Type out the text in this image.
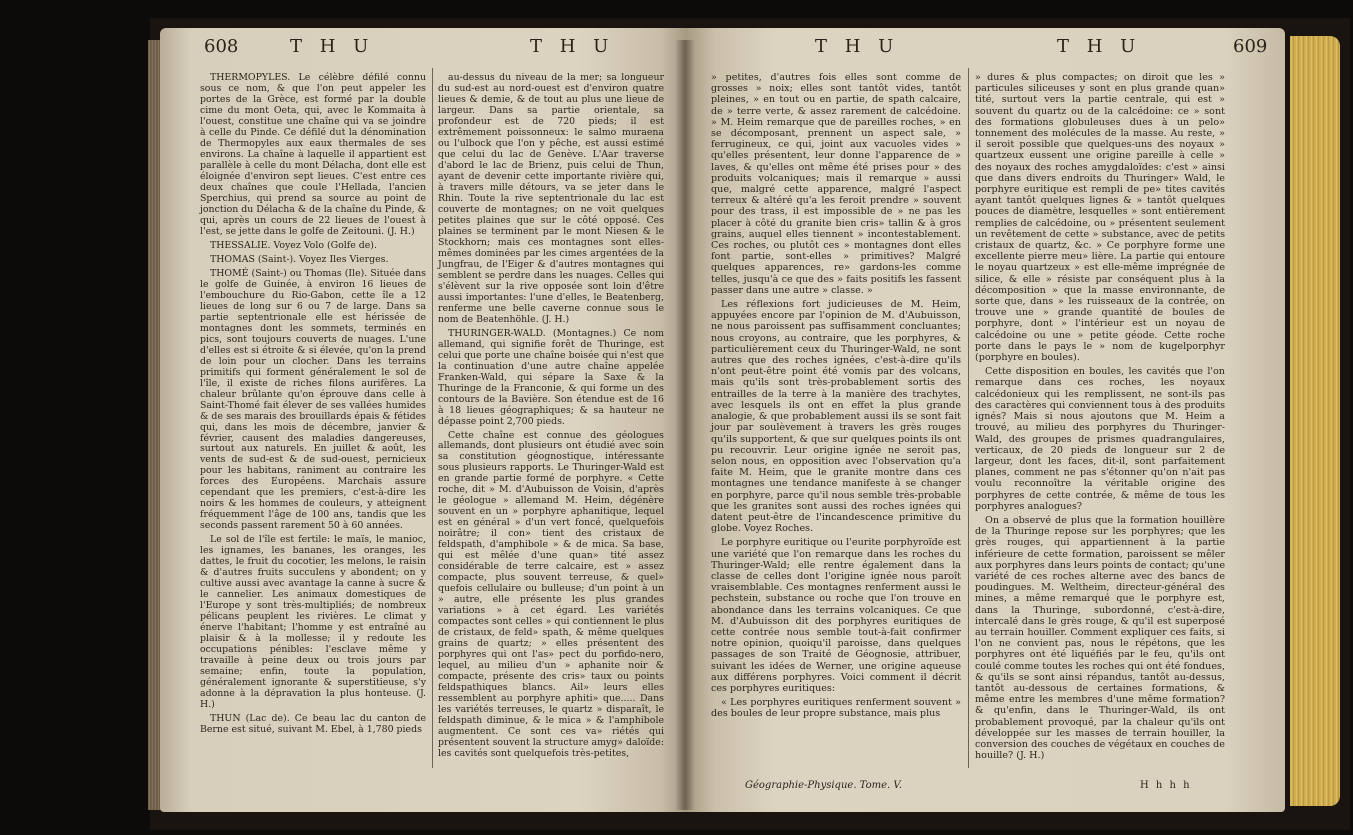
608	T H U	T H U

THERMOPYLES. Le célèbre défilé connu sous ce nom, & que l'on peut appeler les portes de la Grèce, est formé par la double cime du mont Oeta, qui, avec le Kommaita à l'ouest, constitue une chaîne qui va se joindre à celle du Pinde. Ce défilé dut la dénomination de Thermopyles aux eaux thermales de ses environs. La chaîne à laquelle il appartient est parallèle à celle du mont Délacha, dont elle est éloignée d'environ sept lieues. C'est entre ces deux chaînes que coule l'Hellada, l'ancien Sperchius, qui prend sa source au point de jonction du Délacha & de la chaîne du Pinde, & qui, après un cours de 22 lieues de l'ouest à l'est, se jette dans le golfe de Zeitouni. (J. H.)

THESSALIE. Voyez Volo (Golfe de).

THOMAS (Saint-). Voyez Iles Vierges.

THOMÉ (Saint-) ou Thomas (Ile). Située dans le golfe de Guinée, à environ 16 lieues de l'embouchure du Rio-Gabon, cette île a 12 lieues de long sur 6 ou 7 de large. Dans sa partie septentrionale elle est hérissée de montagnes dont les sommets, terminés en pics, sont toujours couverts de nuages. L'une d'elles est si étroite & si élevée, qu'on la prend de loin pour un clocher. Dans les terrains primitifs qui forment généralement le sol de l'île, il existe de riches filons aurifères. La chaleur brûlante qu'on éprouve dans celle à Saint-Thomé fait élever de ses vallées humides & de ses marais des brouillards épais & fétides qui, dans les mois de décembre, janvier & février, causent des maladies dangereuses, surtout aux naturels. En juillet & août, les vents de sud-est & de sud-ouest, pernicieux pour les habitans, raniment au contraire les forces des Européens. Marchais assure cependant que les premiers, c'est-à-dire les noirs & les hommes de couleurs, y atteignent fréquemment l'âge de 100 ans, tandis que les seconds passent rarement 50 à 60 années.

Le sol de l'île est fertile: le maïs, le manioc, les ignames, les bananes, les oranges, les dattes, le fruit du cocotier, les melons, le raisin & d'autres fruits succulens y abondent; on y cultive aussi avec avantage la canne à sucre & le cannelier. Les animaux domestiques de l'Europe y sont très-multipliés; de nombreux pélicans peuplent les rivières. Le climat y énerve l'habitant; l'homme y est entraîné au plaisir & à la mollesse; il y redoute les occupations pénibles: l'esclave même y travaille à peine deux ou trois jours par semaine; enfin, toute la population, généralement ignorante & superstitieuse, s'y adonne à la dépravation la plus honteuse. (J. H.)

THUN (Lac de). Ce beau lac du canton de Berne est situé, suivant M. Ebel, à 1,780 pieds

au-dessus du niveau de la mer; sa longueur du sud-est au nord-ouest est d'environ quatre lieues & demie, & de tout au plus une lieue de largeur. Dans sa partie orientale, sa profondeur est de 720 pieds; il est extrêmement poissonneux: le salmo muraena ou l'ulbock que l'on y pêche, est aussi estimé que celui du lac de Genève. L'Aar traverse d'abord le lac de Brienz, puis celui de Thun, ayant de devenir cette importante rivière qui, à travers mille détours, va se jeter dans le Rhin. Toute la rive septentrionale du lac est couverte de montagnes; on ne voit quelques petites plaines que sur le côté opposé. Ces plaines se terminent par le mont Niesen & le Stockhorn; mais ces montagnes sont elles-mêmes dominées par les cimes argentées de la Jungfrau, de l'Eiger & d'autres montagnes qui semblent se perdre dans les nuages. Celles qui s'élèvent sur la rive opposée sont loin d'être aussi importantes: l'une d'elles, le Beatenberg, renferme une belle caverne connue sous le nom de Beatenhöhle. (J. H.)

THURINGER-WALD. (Montagnes.) Ce nom allemand, qui signifie forêt de Thuringe, est celui que porte une chaîne boisée qui n'est que la continuation d'une autre chaîne appelée Franken-Wald, qui sépare la Saxe & la Thuringe de la Franconie, & qui forme un des contours de la Bavière. Son étendue est de 16 à 18 lieues géographiques; & sa hauteur ne dépasse point 2,700 pieds.

Cette chaîne est connue des géologues allemands, dont plusieurs ont étudié avec soin sa constitution géognostique, intéressante sous plusieurs rapports. Le Thuringer-Wald est en grande partie formé de porphyre. « Cette roche, dit » M. d'Aubuisson de Voisin, d'après le géologue » allemand M. Heim, dégénère souvent en un » porphyre aphanitique, lequel est en général » d'un vert foncé, quelquefois noirâtre; il con» tient des cristaux de feldspath, d'amphibole » & de mica. Sa base, qui est mêlée d'une quan» tité assez considérable de terre calcaire, est » assez compacte, plus souvent terreuse, & quel» quefois cellulaire ou bulleuse; d'un point à un » autre, elle présente les plus grandes variations » à cet égard. Les variétés compactes sont celles » qui contiennent le plus de cristaux, de feld» spath, & même quelques grains de quartz; » elles présentent des porphyres qui ont l'as» pect du porfido-nero, lequel, au milieu d'un » aphanite noir & compacte, présente des cris» taux ou points feldspathiques blancs. Ail» leurs elles ressemblent au porphyre aphiti» que..... Dans les variétés terreuses, le quartz » disparaît, le feldspath diminue, & le mica » & l'amphibole augmentent. Ce sont ces va» riétés qui présentent souvent la structure amyg» daloïde: les cavités sont quelquefois très-petites,

T H U	T H U	609

» petites, d'autres fois elles sont comme de grosses » noix; elles sont tantôt vides, tantôt pleines, » en tout ou en partie, de spath calcaire, de » terre verte, & assez rarement de calcédoine. » M. Heim remarque que de pareilles roches, » en se décomposant, prennent un aspect sale, » ferrugineux, ce qui, joint aux vacuoles vides » qu'elles présentent, leur donne l'apparence de » laves, & qu'elles ont même été prises pour » des produits volcaniques; mais il remarque » aussi que, malgré cette apparence, malgré l'aspect terreux & altéré qu'a les feroit prendre » souvent pour des trass, il est impossible de » ne pas les placer à côté du granite bien cris» tallin & à gros grains, auquel elles tiennent » incontestablement. Ces roches, ou plutôt ces » montagnes dont elles font partie, sont-elles » primitives? Malgré quelques apparences, re» gardons-les comme telles, jusqu'à ce que des » faits positifs les fassent passer dans une autre » classe. »

Les réflexions fort judicieuses de M. Heim, appuyées encore par l'opinion de M. d'Aubuisson, ne nous paroissent pas suffisamment concluantes; nous croyons, au contraire, que les porphyres, & particulièrement ceux du Thuringer-Wald, ne sont autres que des roches ignées, c'est-à-dire qu'ils n'ont peut-être point été vomis par des volcans, mais qu'ils sont très-probablement sortis des entrailles de la terre à la manière des trachytes, avec lesquels ils ont en effet la plus grande analogie, & que probablement aussi ils se sont fait jour par soulèvement à travers les grès rouges qu'ils supportent, & que sur quelques points ils ont pu recouvrir. Leur origine ignée ne seroit pas, selon nous, en opposition avec l'observation qu'a faite M. Heim, que le granite montre dans ces montagnes une tendance manifeste à se changer en porphyre, parce qu'il nous semble très-probable que les granites sont aussi des roches ignées qui datent peut-être de l'incandescence primitive du globe. Voyez Roches.

Le porphyre euritique ou l'eurite porphyroïde est une variété que l'on remarque dans les roches du Thuringer-Wald; elle rentre également dans la classe de celles dont l'origine ignée nous paroît vraisemblable. Ces montagnes renferment aussi le pechstein, substance ou roche que l'on trouve en abondance dans les terrains volcaniques. Ce que M. d'Aubuisson dit des porphyres euritiques de cette contrée nous semble tout-à-fait confirmer notre opinion, quoiqu'il paroisse, dans quelques passages de son Traité de Géognosie, attribuer, suivant les idées de Werner, une origine aqueuse aux différens porphyres. Voici comment il décrit ces porphyres euritiques:

« Les porphyres euritiques renferment souvent » des boules de leur propre substance, mais plus

» dures & plus compactes; on diroit que les » particules siliceuses y sont en plus grande quan» tité, surtout vers la partie centrale, qui est » souvent du quartz ou de la calcédoine: ce » sont des formations globuleuses dues à un pelo» tonnement des molécules de la masse. Au reste, » il seroit possible que quelques-uns des noyaux » quartzeux eussent une origine pareille à celle » des noyaux des roches amygdaloïdes: c'est » ainsi que dans divers endroits du Thuringer» Wald, le porphyre euritique est rempli de pe» tites cavités ayant tantôt quelques lignes & » tantôt quelques pouces de diamètre, lesquelles » sont entièrement remplies de calcédoine, ou » présentent seulement un revêtement de cette » substance, avec de petits cristaux de quartz, &c. » Ce porphyre forme une excellente pierre meu» lière. La partie qui entoure le noyau quartzeux » est elle-même imprégnée de silice, & elle » résiste par conséquent plus à la décomposition » que la masse environnante, de sorte que, dans » les ruisseaux de la contrée, on trouve une » grande quantité de boules de porphyre, dont » l'intérieur est un noyau de calcédoine ou une » petite géode. Cette roche porte dans le pays le » nom de kugelporphyr (porphyre en boules).

Cette disposition en boules, les cavités que l'on remarque dans ces roches, les noyaux calcédonieux qui les remplissent, ne sont-ils pas des caractères qui conviennent tous à des produits ignés? Mais si nous ajoutons que M. Heim a trouvé, au milieu des porphyres du Thuringer-Wald, des groupes de prismes quadrangulaires, verticaux, de 20 pieds de longueur sur 2 de largeur, dont les faces, dit-il, sont parfaitement planes, comment ne pas s'étonner qu'on n'ait pas voulu reconnoître la véritable origine des porphyres de cette contrée, & même de tous les porphyres analogues?

On a observé de plus que la formation houillère de la Thuringe repose sur les porphyres; que les grès rouges, qui appartiennent à la partie inférieure de cette formation, paroissent se mêler aux porphyres dans leurs points de contact; qu'une variété de ces roches alterne avec des bancs de poudingues. M. Weltheim, directeur-général des mines, a même remarqué que le porphyre est, dans la Thuringe, subordonné, c'est-à-dire, intercalé dans le grès rouge, & qu'il est superposé au terrain houiller. Comment expliquer ces faits, si l'on ne convient pas, nous le répétons, que les porphyres ont été liquéfiés par le feu, qu'ils ont coulé comme toutes les roches qui ont été fondues, & qu'ils se sont ainsi répandus, tantôt au-dessus, tantôt au-dessous de certaines formations, & même entre les membres d'une même formation? & qu'enfin, dans le Thuringer-Wald, ils ont probablement provoqué, par la chaleur qu'ils ont développée sur les masses de terrain houiller, la conversion des couches de végétaux en couches de houille? (J. H.)

Géographie-Physique. Tome. V.	H h h h
